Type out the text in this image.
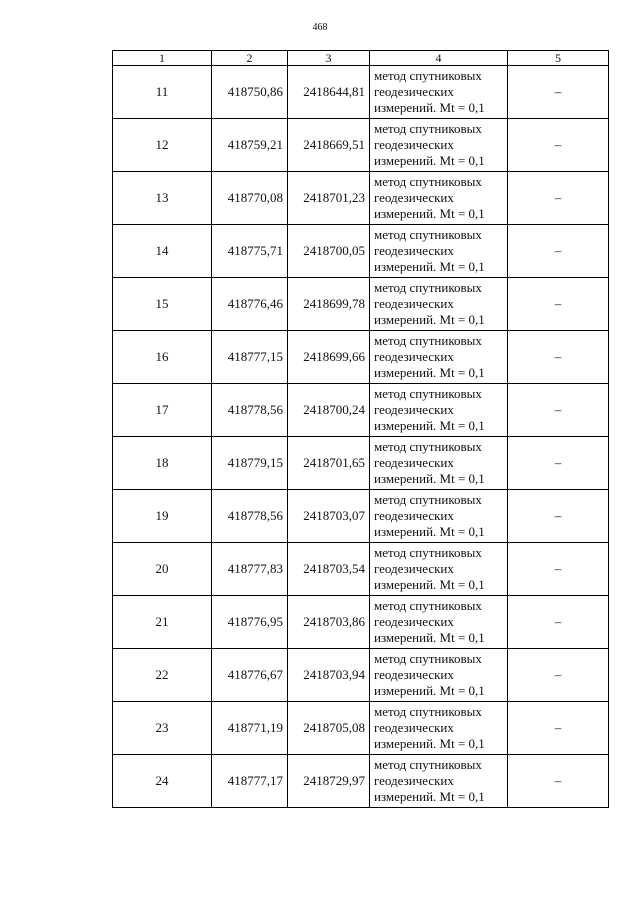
468
1	2	3	4	5
11	418750,86	2418644,81	метод спутниковых
геодезических
измерений. Mt = 0,1	–
12	418759,21	2418669,51	метод спутниковых
геодезических
измерений. Mt = 0,1	–
13	418770,08	2418701,23	метод спутниковых
геодезических
измерений. Mt = 0,1	–
14	418775,71	2418700,05	метод спутниковых
геодезических
измерений. Mt = 0,1	–
15	418776,46	2418699,78	метод спутниковых
геодезических
измерений. Mt = 0,1	–
16	418777,15	2418699,66	метод спутниковых
геодезических
измерений. Mt = 0,1	–
17	418778,56	2418700,24	метод спутниковых
геодезических
измерений. Mt = 0,1	–
18	418779,15	2418701,65	метод спутниковых
геодезических
измерений. Mt = 0,1	–
19	418778,56	2418703,07	метод спутниковых
геодезических
измерений. Mt = 0,1	–
20	418777,83	2418703,54	метод спутниковых
геодезических
измерений. Mt = 0,1	–
21	418776,95	2418703,86	метод спутниковых
геодезических
измерений. Mt = 0,1	–
22	418776,67	2418703,94	метод спутниковых
геодезических
измерений. Mt = 0,1	–
23	418771,19	2418705,08	метод спутниковых
геодезических
измерений. Mt = 0,1	–
24	418777,17	2418729,97	метод спутниковых
геодезических
измерений. Mt = 0,1	–
